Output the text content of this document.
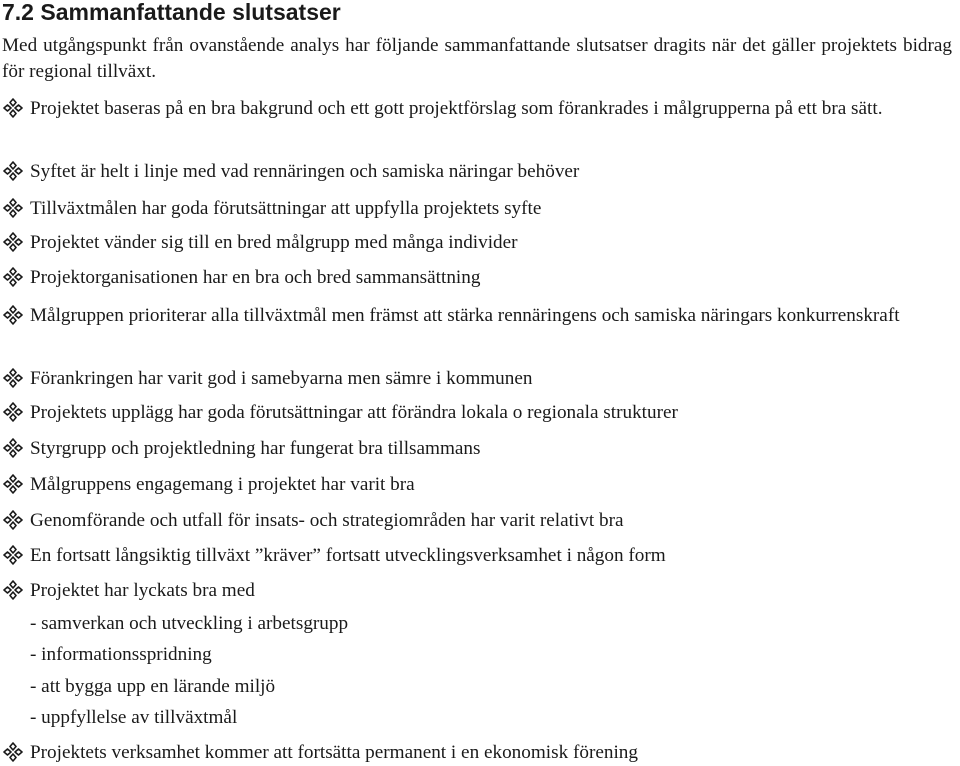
7.2 Sammanfattande slutsatser

Med utgångspunkt från ovanstående analys har följande sammanfattande slutsatser dragits när det gäller projektets bidrag för regional tillväxt.

Projektet baseras på en bra bakgrund och ett gott projektförslag som förankrades i målgrupperna på ett bra sätt.
Syftet är helt i linje med vad rennäringen och samiska näringar behöver
Tillväxtmålen har goda förutsättningar att uppfylla projektets syfte
Projektet vänder sig till en bred målgrupp med många individer
Projektorganisationen har en bra och bred sammansättning
Målgruppen prioriterar alla tillväxtmål men främst att stärka rennäringens och samiska näringars konkurrenskraft
Förankringen har varit god i samebyarna men sämre i kommunen
Projektets upplägg har goda förutsättningar att förändra lokala o regionala strukturer
Styrgrupp och projektledning har fungerat bra tillsammans
Målgruppens engagemang i projektet har varit bra
Genomförande och utfall för insats- och strategiområden har varit relativt bra
En fortsatt långsiktig tillväxt ”kräver” fortsatt utvecklingsverksamhet i någon form
Projektet har lyckats bra med
- samverkan och utveckling i arbetsgrupp
- informationsspridning
- att bygga upp en lärande miljö
- uppfyllelse av tillväxtmål
Projektets verksamhet kommer att fortsätta permanent i en ekonomisk förening
